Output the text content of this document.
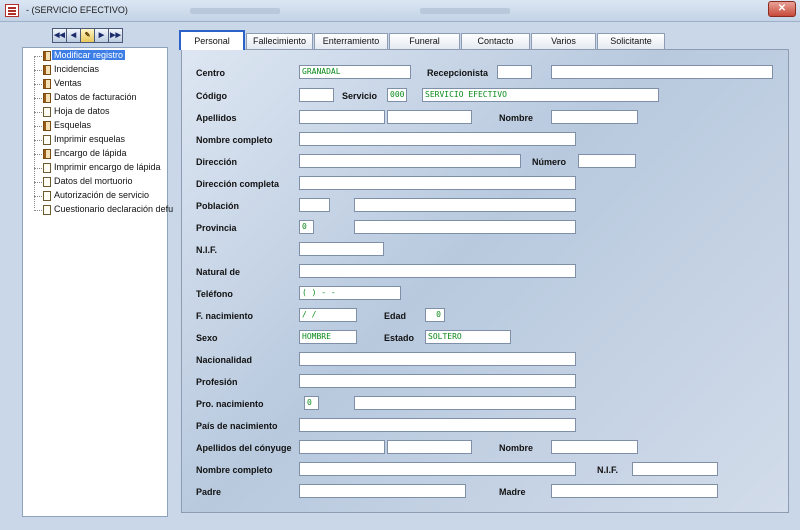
- (SERVICIO EFECTIVO)	✕
◀◀ ◀	✎	▶ ▶▶
Modificar registro
Incidencias
Ventas
Datos de facturación
Hoja de datos
Esquelas
Imprimir esquelas
Encargo de lápida
Imprimir encargo de lápida
Datos del mortuorio
Autorización de servicio
Cuestionario declaración defu
Personal	Fallecimiento	Enterramiento	Funeral	Contacto	Varios	Solicitante
Centro	GRANADAL	Recepcionista
Código	Servicio	000	SERVICIO EFECTIVO
Apellidos	Nombre
Nombre completo
Dirección	Número
Dirección completa
Población
Provincia	0
N.I.F.
Natural de
Teléfono	( ) - -
F. nacimiento	/ /	Edad	0
Sexo	HOMBRE	Estado	SOLTERO
Nacionalidad
Profesión
Pro. nacimiento	0
País de nacimiento
Apellidos del cónyuge	Nombre
Nombre completo	N.I.F.
Padre	Madre
